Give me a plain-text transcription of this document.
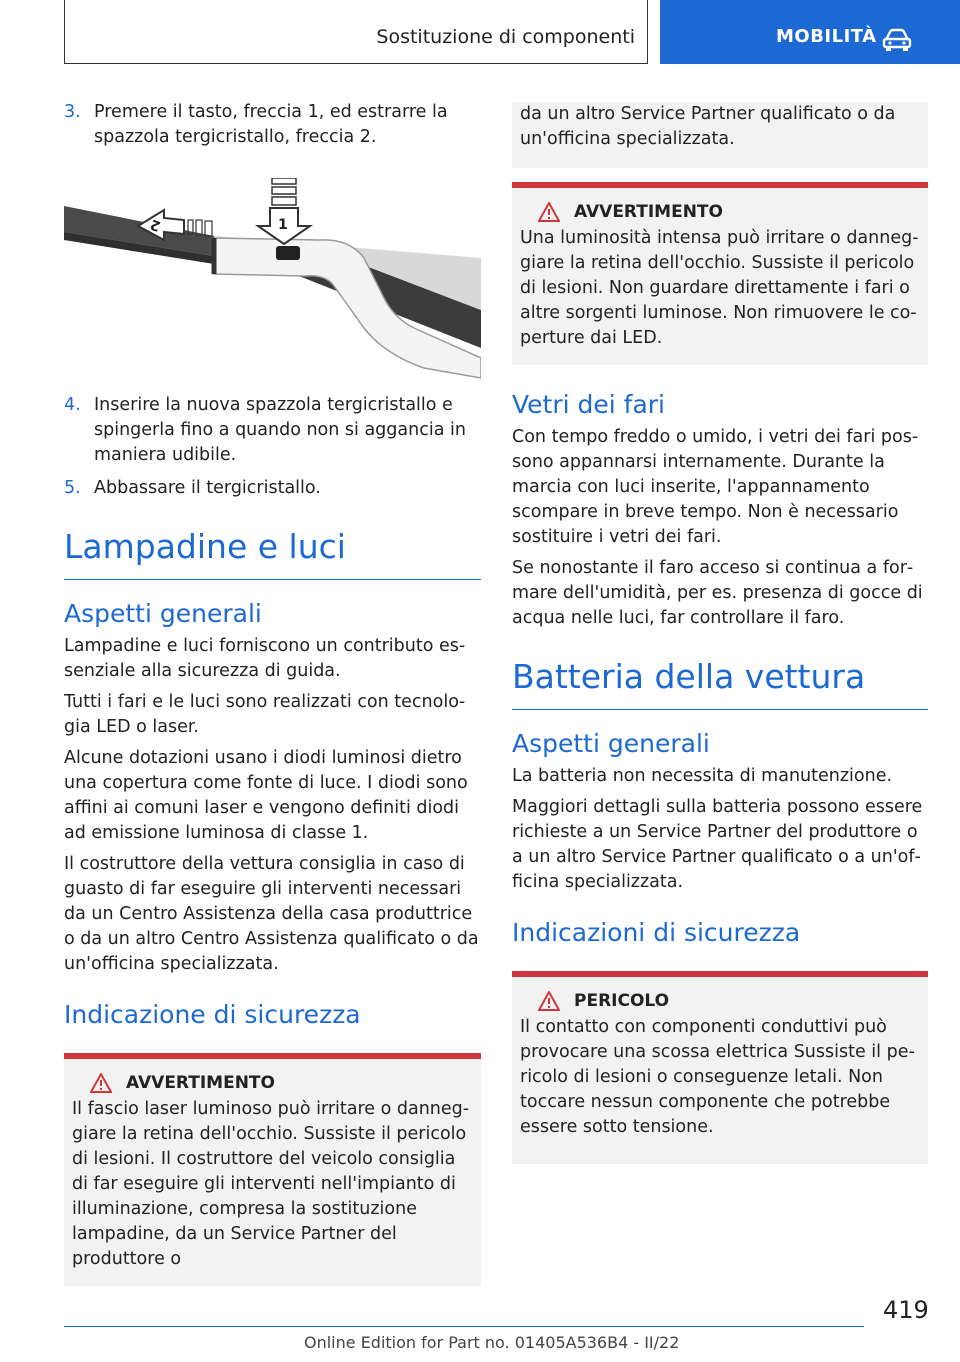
Sostituzione di componenti	MOBILITÀ
3. Premere il tasto, freccia 1, ed estrarre la spazzola tergicristallo, freccia 2.
1
2
4. Inserire la nuova spazzola tergicristallo e spingerla fino a quando non si aggancia in maniera udibile.
5. Abbassare il tergicristallo.
Lampadine e luci
Aspetti generali

Lampadine e luci forniscono un contributo essenziale alla sicurezza di guida.

Tutti i fari e le luci sono realizzati con tecnologia LED o laser.

Alcune dotazioni usano i diodi luminosi dietro una copertura come fonte di luce. I diodi sono affini ai comuni laser e vengono definiti diodi ad emissione luminosa di classe 1.

Il costruttore della vettura consiglia in caso di guasto di far eseguire gli interventi necessari da un Centro Assistenza della casa produttrice o da un altro Centro Assistenza qualificato o da un'officina specializzata.

Indicazione di sicurezza
AVVERTIMENTO

Il fascio laser luminoso può irritare o danneggiare la retina dell'occhio. Sussiste il pericolo di lesioni. Il costruttore del veicolo consiglia di far eseguire gli interventi nell'impianto di illuminazione, compresa la sostituzione lampadine, da un Service Partner del produttore o

da un altro Service Partner qualificato o da un'officina specializzata.

AVVERTIMENTO

Una luminosità intensa può irritare o danneggiare la retina dell'occhio. Sussiste il pericolo di lesioni. Non guardare direttamente i fari o altre sorgenti luminose. Non rimuovere le coperture dai LED.

Vetri dei fari

Con tempo freddo o umido, i vetri dei fari possono appannarsi internamente. Durante la marcia con luci inserite, l'appannamento scompare in breve tempo. Non è necessario sostituire i vetri dei fari.

Se nonostante il faro acceso si continua a formare dell'umidità, per es. presenza di gocce di acqua nelle luci, far controllare il faro.

Batteria della vettura
Aspetti generali

La batteria non necessita di manutenzione.

Maggiori dettagli sulla batteria possono essere richieste a un Service Partner del produttore o a un altro Service Partner qualificato o a un'officina specializzata.

Indicazioni di sicurezza
PERICOLO

Il contatto con componenti conduttivi può provocare una scossa elettrica Sussiste il pericolo di lesioni o conseguenze letali. Non toccare nessun componente che potrebbe essere sotto tensione.

419
Online Edition for Part no. 01405A536B4 - II/22
